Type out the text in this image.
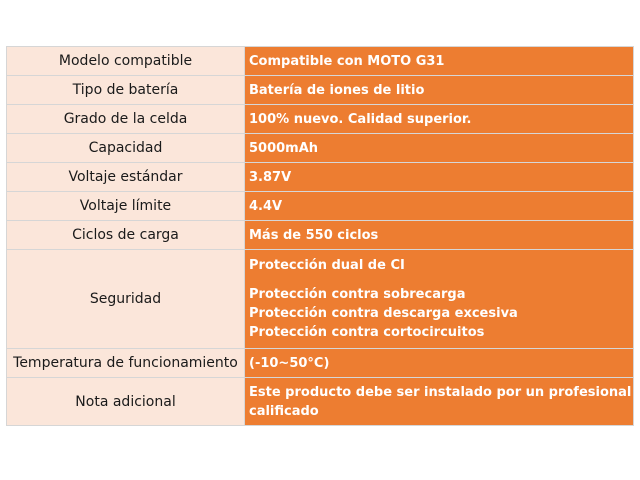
Modelo compatible	Compatible con MOTO G31
Tipo de batería	Batería de iones de litio
Grado de la celda	100% nuevo. Calidad superior.
Capacidad	5000mAh
Voltaje estándar	3.87V
Voltaje límite	4.4V
Ciclos de carga	Más de 550 ciclos
Seguridad	Protección dual de CI
Protección contra sobrecarga
Protección contra descarga excesiva
Protección contra cortocircuitos

Temperatura de funcionamiento	(-10~50°C)
Nota adicional	Este producto debe ser instalado por un profesional
calificado
